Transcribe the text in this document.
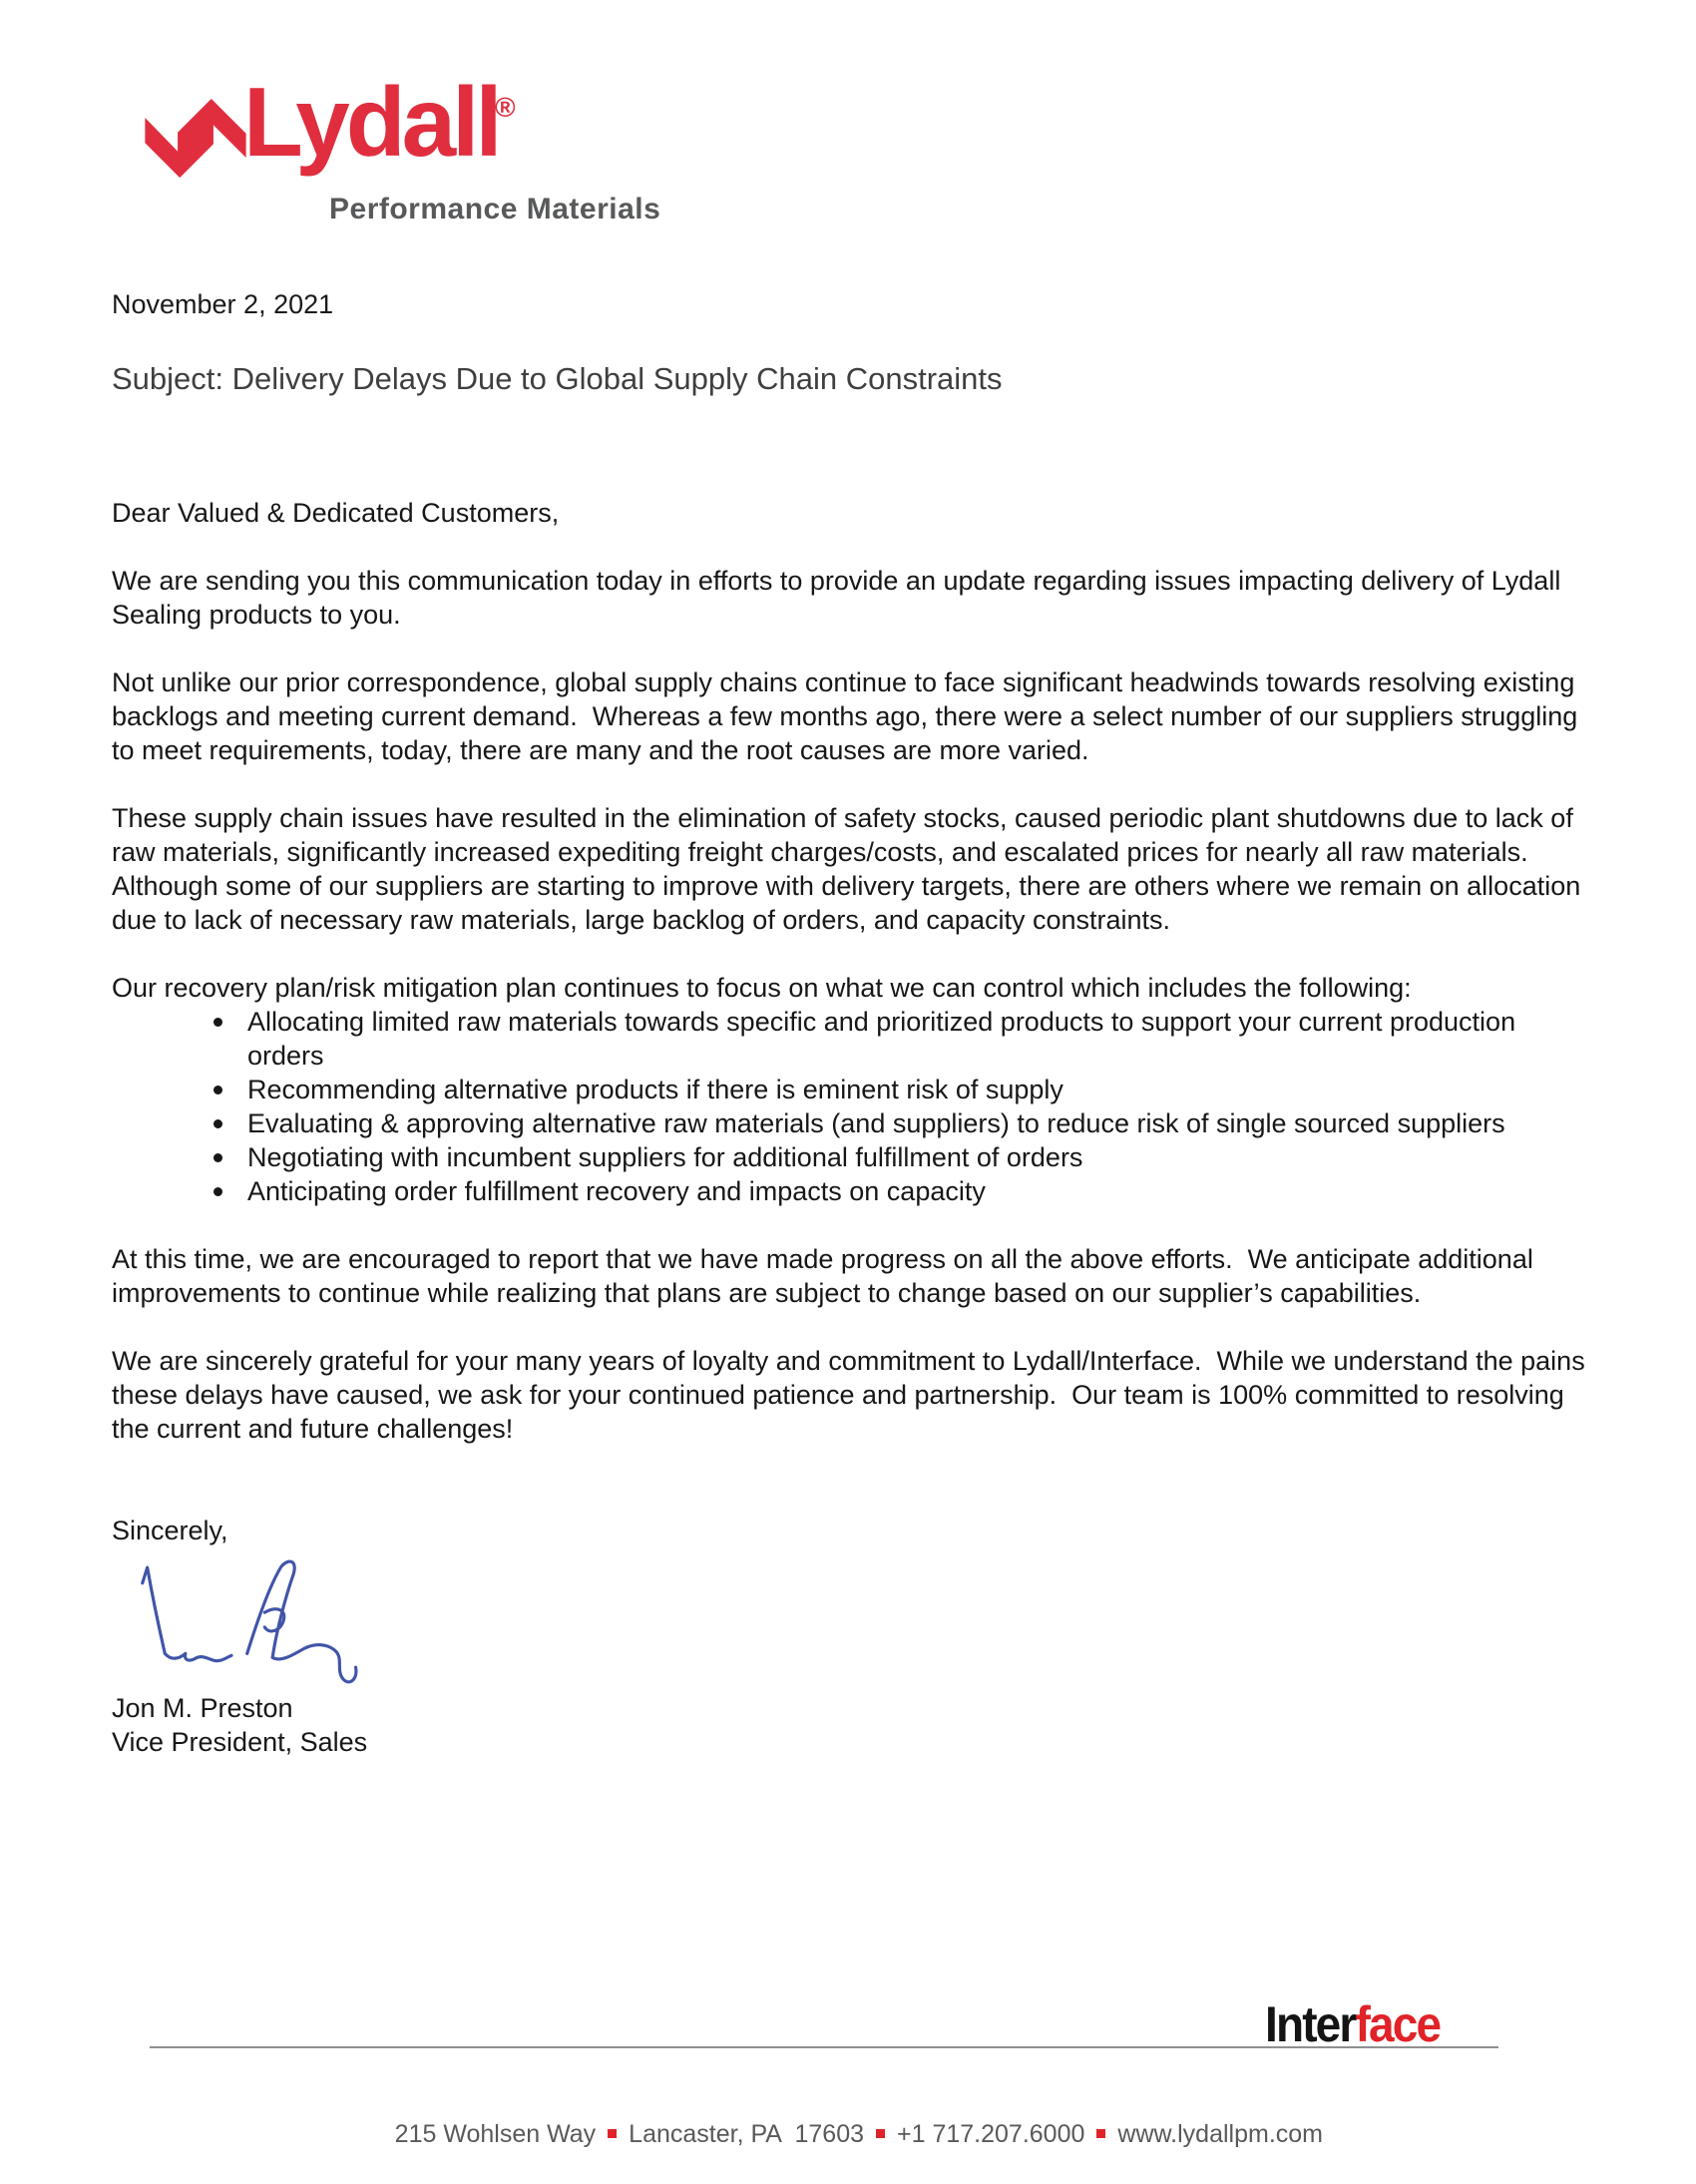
Lydall
®
Performance Materials
November 2, 2021
Subject: Delivery Delays Due to Global Supply Chain Constraints

Dear Valued & Dedicated Customers,

We are sending you this communication today in efforts to provide an update regarding issues impacting delivery of Lydall Sealing products to you.

Not unlike our prior correspondence, global supply chains continue to face significant headwinds towards resolving existing backlogs and meeting current demand.  Whereas a few months ago, there were a select number of our suppliers struggling to meet requirements, today, there are many and the root causes are more varied.

These supply chain issues have resulted in the elimination of safety stocks, caused periodic plant shutdowns due to lack of raw materials, significantly increased expediting freight charges/costs, and escalated prices for nearly all raw materials.  Although some of our suppliers are starting to improve with delivery targets, there are others where we remain on allocation due to lack of necessary raw materials, large backlog of orders, and capacity constraints.

Our recovery plan/risk mitigation plan continues to focus on what we can control which includes the following:

Allocating limited raw materials towards specific and prioritized products to support your current production orders
Recommending alternative products if there is eminent risk of supply
Evaluating & approving alternative raw materials (and suppliers) to reduce risk of single sourced suppliers
Negotiating with incumbent suppliers for additional fulfillment of orders
Anticipating order fulfillment recovery and impacts on capacity

At this time, we are encouraged to report that we have made progress on all the above efforts.  We anticipate additional improvements to continue while realizing that plans are subject to change based on our supplier’s capabilities.

We are sincerely grateful for your many years of loyalty and commitment to Lydall/Interface.  While we understand the pains these delays have caused, we ask for your continued patience and partnership.  Our team is 100% committed to resolving the current and future challenges!

Sincerely,

Jon M. Preston
Vice President, Sales
Interface

215 Wohlsen Way Lancaster, PA  17603 +1 717.207.6000 www.lydallpm.com
